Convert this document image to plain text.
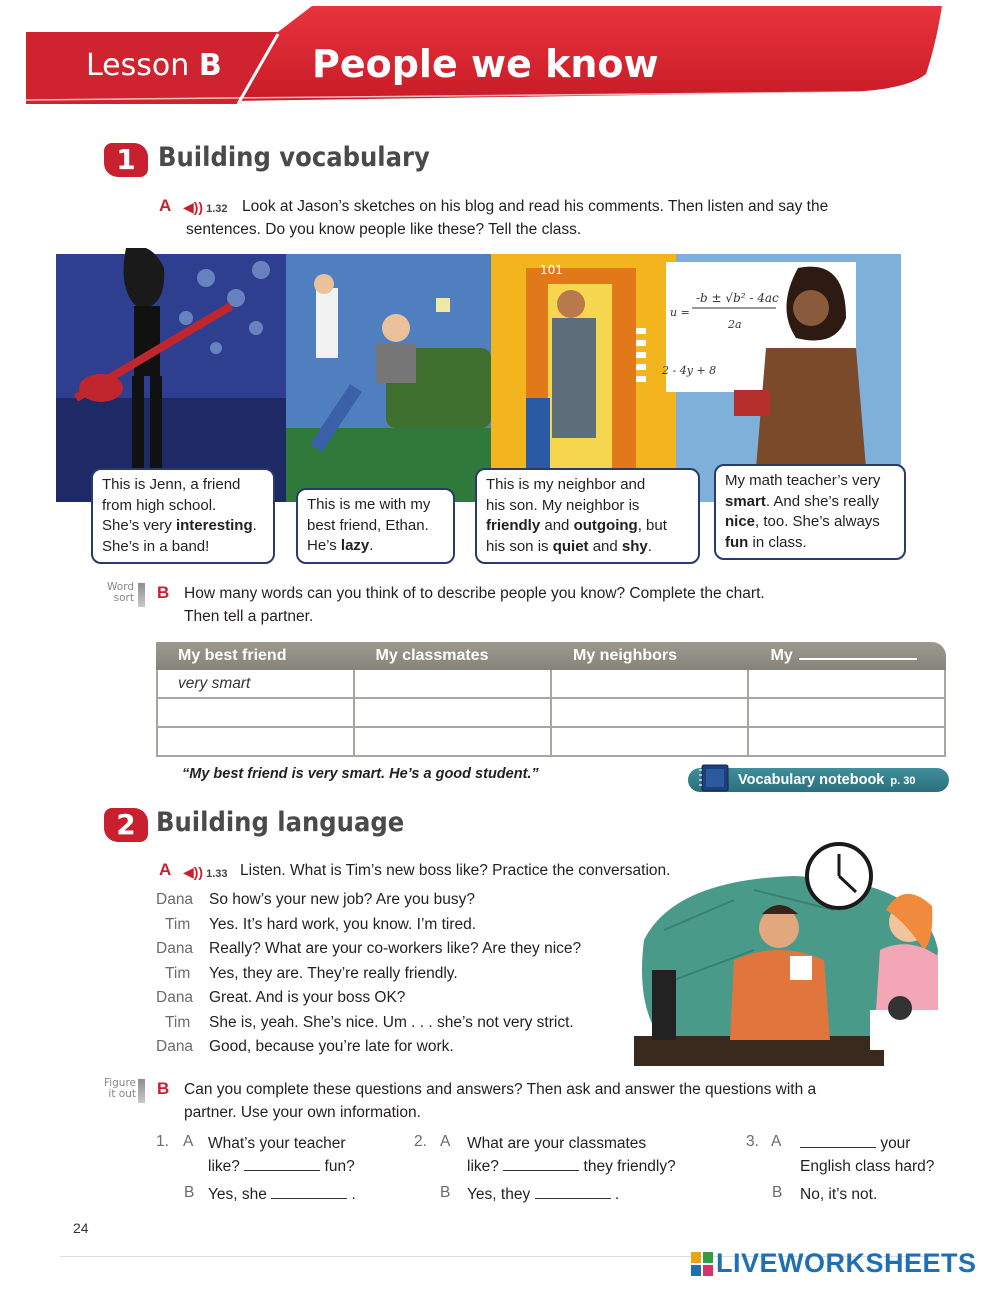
Lesson B People we know
1 Building vocabulary
A ◀)) 1.32 Look at Jason’s sketches on his blog and read his comments. Then listen and say the
sentences. Do you know people like these? Tell the class.
101
-b ± √b² - 4ac
u =
2a
2 - 4y + 8
This is Jenn, a friend
from high school.
She’s very interesting.
She’s in a band!
This is me with my
best friend, Ethan.
He’s lazy.
This is my neighbor and
his son. My neighbor is
friendly and outgoing, but
his son is quiet and shy.
My math teacher’s very
smart. And she’s really
nice, too. She’s always
fun in class.
Word
sort B How many words can you think of to describe people you know? Complete the chart.
Then tell a partner.
My best friend	My classmates	My neighbors	My
very smart
“My best friend is very smart. He’s a good student.”	Vocabulary notebook p. 30
2 Building language
A ◀)) 1.33 Listen. What is Tim’s new boss like? Practice the conversation.
Dana So how’s your new job? Are you busy?
Tim Yes. It’s hard work, you know. I’m tired.
Dana Really? What are your co-workers like? Are they nice?
Tim Yes, they are. They’re really friendly.
Dana Great. And is your boss OK?
Tim She is, yeah. She’s nice. Um . . . she’s not very strict.
Dana Good, because you’re late for work.
Figure
it out B Can you complete these questions and answers? Then ask and answer the questions with a
partner. Use your own information.
1. A What’s your teacher
like?	fun?
B Yes, she	.
2. A What are your classmates
like?	they friendly?
B Yes, they	.
3. A	your
English class hard?
B No, it’s not.
24
LIVEWORKSHEETS
